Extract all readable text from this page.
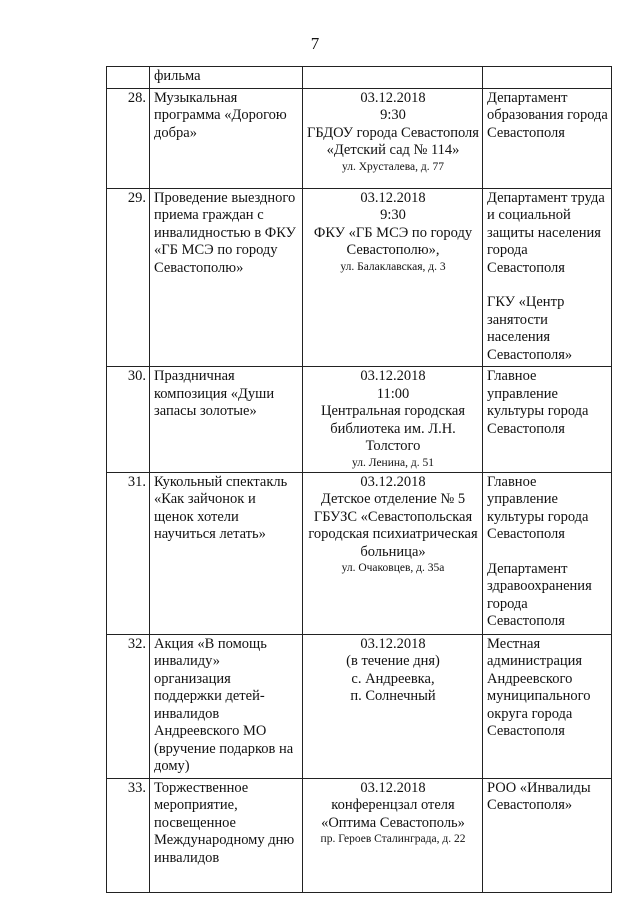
7
	фильма		
28.	Музыкальная программа «Дорогою добра»	03.12.2018
9:30
ГБДОУ города Севастополя «Детский сад № 114»
ул. Хрусталева, д. 77	Департамент образования города Севастополя

29.	Проведение выездного приема граждан с инвалидностью в ФКУ «ГБ МСЭ по городу Севастополю»	03.12.2018
9:30
ФКУ «ГБ МСЭ по городу Севастополю»,
ул. Балаклавская, д. 3	Департамент труда и социальной защиты населения города Севастополя
ГКУ «Центр занятости населения Севастополя»

30.	Праздничная композиция «Души запасы золотые»	03.12.2018
11:00
Центральная городская библиотека им. Л.Н. Толстого
ул. Ленина, д. 51	Главное управление культуры города Севастополя

31.	Кукольный спектакль «Как зайчонок и щенок хотели научиться летать»	03.12.2018
Детское отделение № 5 ГБУЗС «Севастопольская городская психиатрическая больница»
ул. Очаковцев, д. 35а	Главное управление культуры города Севастополя
Департамент здравоохранения города Севастополя

32.	Акция «В помощь инвалиду» организация поддержки детей-инвалидов Андреевского МО (вручение подарков на дому)	03.12.2018
(в течение дня)
с. Андреевка,
п. Солнечный	Местная администрация Андреевского муниципального округа города Севастополя

33.	Торжественное мероприятие, посвещенное Международному дню инвалидов	03.12.2018
конференцзал отеля «Оптима Севастополь»
пр. Героев Сталинграда, д. 22	РОО «Инвалиды Севастополя»
